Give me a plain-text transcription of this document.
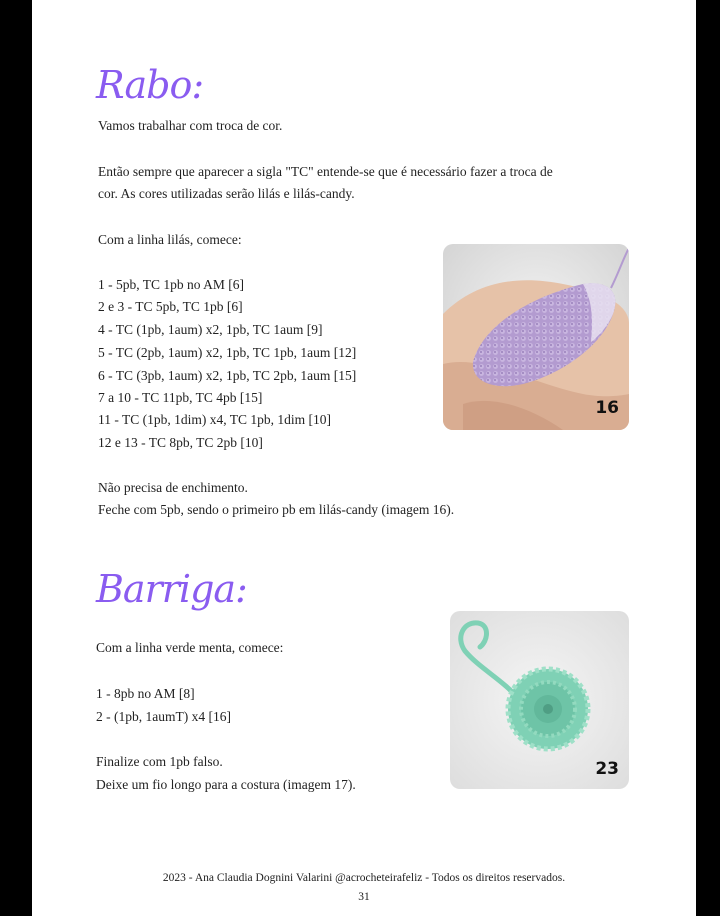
Rabo:
Vamos trabalhar com troca de cor.
Então sempre que aparecer a sigla "TC" entende-se que é necessário fazer a troca de
cor. As cores utilizadas serão lilás e lilás-candy.
Com a linha lilás, comece:
1 - 5pb, TC 1pb no AM [6]
2 e 3 - TC 5pb, TC 1pb [6]
4 - TC (1pb, 1aum) x2, 1pb, TC 1aum [9]
5 - TC (2pb, 1aum) x2, 1pb, TC 1pb, 1aum [12]
6 - TC (3pb, 1aum) x2, 1pb, TC 2pb, 1aum [15]
7 a 10 - TC 11pb, TC 4pb [15]
11 - TC (1pb, 1dim) x4, TC 1pb, 1dim [10]
12 e 13 - TC 8pb, TC 2pb [10]
Não precisa de enchimento.
Feche com 5pb, sendo o primeiro pb em lilás-candy (imagem 16).
16
Barriga:
Com a linha verde menta, comece:
1 - 8pb no AM [8]
2 - (1pb, 1aumT) x4 [16]
Finalize com 1pb falso.
Deixe um fio longo para a costura (imagem 17).
23
2023 - Ana Claudia Dognini Valarini @acrocheteirafeliz - Todos os direitos reservados.
31
